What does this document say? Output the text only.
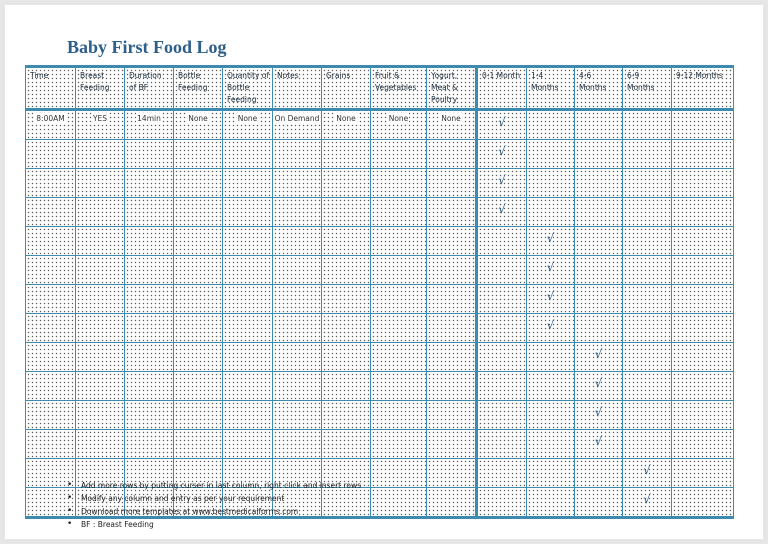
Baby First Food Log
Time	Breast Feeding	Duration of BF	Bottle Feeding	Quantity of Bottle Feeding	Notes	Grains	Fruit & Vegetables	Yogurt, Meat & Poultry	0-1 Month	1-4 Months	4-6 Months	6-9 Months	9-12 Months
8:00AM	YES	14min	None	None	On Demand	None	None	None	√				
									√				
									√				
									√				
										√			
										√			
										√			
										√			
											√		
											√		
											√		
											√		
												√	
												√	
• Add more rows by putting curser in last column, right click and insert rows
• Modify any column and entry as per your requirement
• Download more templates at www.bestmedicalforms.com
• BF : Breast Feeding
